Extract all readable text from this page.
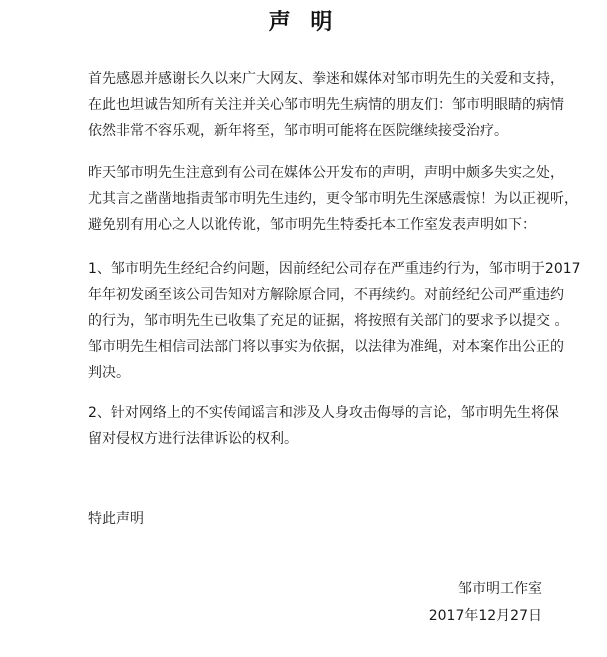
声 明

首先感恩并感谢长久以来广大网友、拳迷和媒体对邹市明先生的关爱和支持，
在此也坦诚告知所有关注并关心邹市明先生病情的朋友们：邹市明眼睛的病情
依然非常不容乐观，新年将至，邹市明可能将在医院继续接受治疗。

昨天邹市明先生注意到有公司在媒体公开发布的声明，声明中颇多失实之处，
尤其言之凿凿地指责邹市明先生违约，更令邹市明先生深感震惊！为以正视听，
避免别有用心之人以讹传讹，邹市明先生特委托本工作室发表声明如下：

1、邹市明先生经纪合约问题，因前经纪公司存在严重违约行为，邹市明于2017
年年初发函至该公司告知对方解除原合同，不再续约。对前经纪公司严重违约
的行为，邹市明先生已收集了充足的证据，将按照有关部门的要求予以提交 。
邹市明先生相信司法部门将以事实为依据，以法律为准绳，对本案作出公正的
判决。

2、针对网络上的不实传闻谣言和涉及人身攻击侮辱的言论，邹市明先生将保
留对侵权方进行法律诉讼的权利。

特此声明
邹市明工作室
2017年12月27日
